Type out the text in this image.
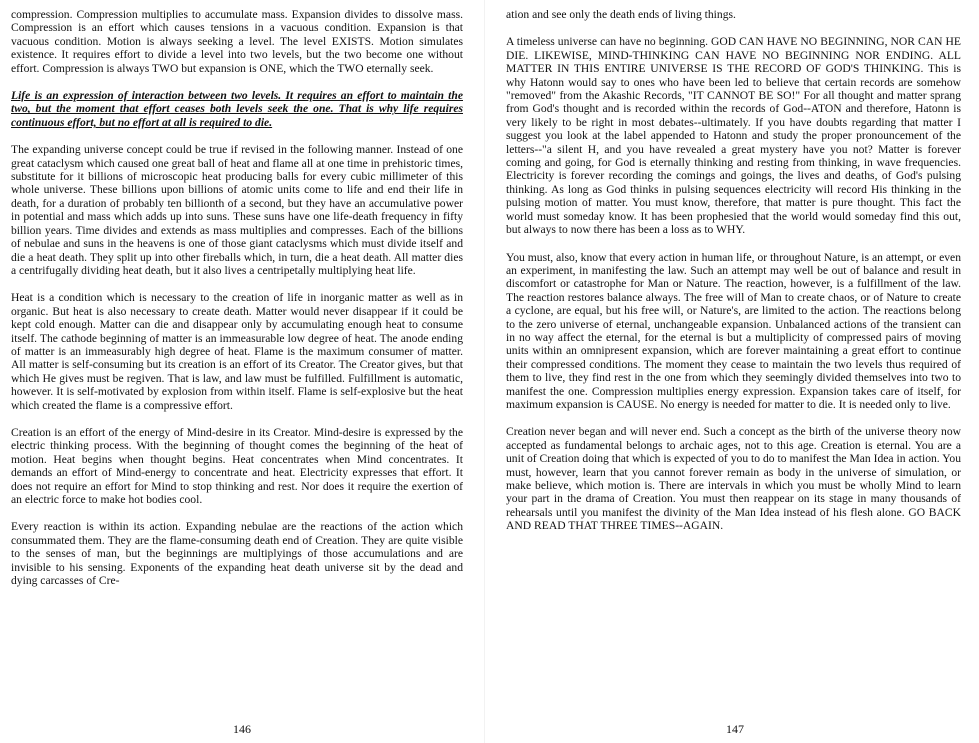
compression. Compression multiplies to accumulate mass. Expansion divides to dissolve mass. Compression is an effort which causes tensions in a vacuous condition. Expansion is that vacuous condition. Motion is always seeking a level. The level EXISTS. Motion simulates existence. It requires effort to divide a level into two levels, but the two become one without effort. Compression is always TWO but expansion is ONE, which the TWO eternally seek.

Life is an expression of interaction between two levels. It requires an effort to maintain the two, but the moment that effort ceases both levels seek the one. That is why life requires continuous effort, but no effort at all is required to die.

The expanding universe concept could be true if revised in the following manner. Instead of one great cataclysm which caused one great ball of heat and flame all at one time in prehistoric times, substitute for it billions of microscopic heat producing balls for every cubic millimeter of this whole universe. These billions upon billions of atomic units come to life and end their life in death, for a duration of probably ten billionth of a second, but they have an accumulative power in potential and mass which adds up into suns. These suns have one life-death frequency in fifty billion years. Time divides and extends as mass multiplies and compresses. Each of the billions of nebulae and suns in the heavens is one of those giant cataclysms which must divide itself and die a heat death. They split up into other fireballs which, in turn, die a heat death. All matter dies a centrifugally dividing heat death, but it also lives a centripetally multiplying heat life.

Heat is a condition which is necessary to the creation of life in inorganic matter as well as in organic. But heat is also necessary to create death. Matter would never disappear if it could be kept cold enough. Matter can die and disappear only by accumulating enough heat to consume itself. The cathode beginning of matter is an immeasurable low degree of heat. The anode ending of matter is an immeasurably high degree of heat. Flame is the maximum consumer of matter. All matter is self-consuming but its creation is an effort of its Creator. The Creator gives, but that which He gives must be regiven. That is law, and law must be fulfilled. Fulfillment is automatic, however. It is self-motivated by explosion from within itself. Flame is self-explosive but the heat which created the flame is a compressive effort.

Creation is an effort of the energy of Mind-desire in its Creator. Mind-desire is expressed by the electric thinking process. With the beginning of thought comes the beginning of the heat of motion. Heat begins when thought begins. Heat concentrates when Mind concentrates. It demands an effort of Mind-energy to concentrate and heat. Electricity expresses that effort. It does not require an effort for Mind to stop thinking and rest. Nor does it require the exertion of an electric force to make hot bodies cool.

Every reaction is within its action. Expanding nebulae are the reactions of the action which consummated them. They are the flame-consuming death end of Creation. They are quite visible to the senses of man, but the beginnings are multiplyings of those accumulations and are invisible to his sensing. Exponents of the expanding heat death universe sit by the dead and dying carcasses of Cre-

146

ation and see only the death ends of living things.

A timeless universe can have no beginning. GOD CAN HAVE NO BEGINNING, NOR CAN HE DIE. LIKEWISE, MIND-THINKING CAN HAVE NO BEGINNING NOR ENDING. ALL MATTER IN THIS ENTIRE UNIVERSE IS THE RECORD OF GOD'S THINKING. This is why Hatonn would say to ones who have been led to believe that certain records are somehow "removed" from the Akashic Records, "IT CANNOT BE SO!" For all thought and matter sprang from God's thought and is recorded within the records of God--ATON and therefore, Hatonn is very likely to be right in most debates--ultimately. If you have doubts regarding that matter I suggest you look at the label appended to Hatonn and study the proper pronouncement of the letters--"a silent H, and you have revealed a great mystery have you not? Matter is forever coming and going, for God is eternally thinking and resting from thinking, in wave frequencies. Electricity is forever recording the comings and goings, the lives and deaths, of God's pulsing thinking. As long as God thinks in pulsing sequences electricity will record His thinking in the pulsing motion of matter. You must know, therefore, that matter is pure thought. This fact the world must someday know. It has been prophesied that the world would someday find this out, but always to now there has been a loss as to WHY.

You must, also, know that every action in human life, or throughout Nature, is an attempt, or even an experiment, in manifesting the law. Such an attempt may well be out of balance and result in discomfort or catastrophe for Man or Nature. The reaction, however, is a fulfillment of the law. The reaction restores balance always. The free will of Man to create chaos, or of Nature to create a cyclone, are equal, but his free will, or Nature's, are limited to the action. The reactions belong to the zero universe of eternal, unchangeable expansion. Unbalanced actions of the transient can in no way affect the eternal, for the eternal is but a multiplicity of compressed pairs of moving units within an omnipresent expansion, which are forever maintaining a great effort to continue their compressed conditions. The moment they cease to maintain the two levels thus required of them to live, they find rest in the one from which they seemingly divided themselves into two to manifest the one. Compression multiplies energy expression. Expansion takes care of itself, for maximum expansion is CAUSE. No energy is needed for matter to die. It is needed only to live.

Creation never began and will never end. Such a concept as the birth of the universe theory now accepted as fundamental belongs to archaic ages, not to this age. Creation is eternal. You are a unit of Creation doing that which is expected of you to do to manifest the Man Idea in action. You must, however, learn that you cannot forever remain as body in the universe of simulation, or make believe, which motion is. There are intervals in which you must be wholly Mind to learn your part in the drama of Creation. You must then reappear on its stage in many thousands of rehearsals until you manifest the divinity of the Man Idea instead of his flesh alone. GO BACK AND READ THAT THREE TIMES--AGAIN.

147
